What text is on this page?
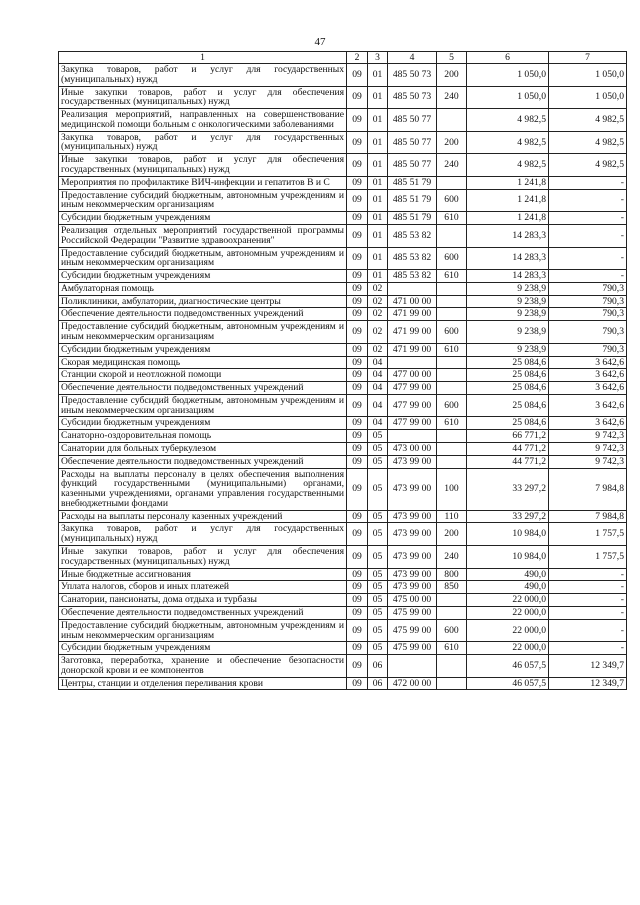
47
1	2	3	4	5	6	7
Закупка товаров, работ и услуг для государственных (муниципальных) нужд	09	01	485 50 73	200	1 050,0	1 050,0
Иные закупки товаров, работ и услуг для обеспечения государственных (муниципальных) нужд	09	01	485 50 73	240	1 050,0	1 050,0
Реализация мероприятий, направленных на совершенствование медицинской помощи больным с онкологическими заболеваниями	09	01	485 50 77		4 982,5	4 982,5
Закупка товаров, работ и услуг для государственных (муниципальных) нужд	09	01	485 50 77	200	4 982,5	4 982,5
Иные закупки товаров, работ и услуг для обеспечения государственных (муниципальных) нужд	09	01	485 50 77	240	4 982,5	4 982,5
Мероприятия по профилактике ВИЧ-инфекции и гепатитов В и С	09	01	485 51 79		1 241,8	-
Предоставление субсидий бюджетным, автономным учреждениям и иным некоммерческим организациям	09	01	485 51 79	600	1 241,8	-
Субсидии бюджетным учреждениям	09	01	485 51 79	610	1 241,8	-
Реализация отдельных мероприятий государственной программы Российской Федерации "Развитие здравоохранения"	09	01	485 53 82		14 283,3	-
Предоставление субсидий бюджетным, автономным учреждениям и иным некоммерческим организациям	09	01	485 53 82	600	14 283,3	-
Субсидии бюджетным учреждениям	09	01	485 53 82	610	14 283,3	-
Амбулаторная помощь	09	02			9 238,9	790,3
Поликлиники, амбулатории, диагностические центры	09	02	471 00 00		9 238,9	790,3
Обеспечение деятельности подведомственных учреждений	09	02	471 99 00		9 238,9	790,3
Предоставление субсидий бюджетным, автономным учреждениям и иным некоммерческим организациям	09	02	471 99 00	600	9 238,9	790,3
Субсидии бюджетным учреждениям	09	02	471 99 00	610	9 238,9	790,3
Скорая медицинская помощь	09	04			25 084,6	3 642,6
Станции скорой и неотложной помощи	09	04	477 00 00		25 084,6	3 642,6
Обеспечение деятельности подведомственных учреждений	09	04	477 99 00		25 084,6	3 642,6
Предоставление субсидий бюджетным, автономным учреждениям и иным некоммерческим организациям	09	04	477 99 00	600	25 084,6	3 642,6
Субсидии бюджетным учреждениям	09	04	477 99 00	610	25 084,6	3 642,6
Санаторно-оздоровительная помощь	09	05			66 771,2	9 742,3
Санатории для больных туберкулезом	09	05	473 00 00		44 771,2	9 742,3
Обеспечение деятельности подведомственных учреждений	09	05	473 99 00		44 771,2	9 742,3
Расходы на выплаты персоналу в целях обеспечения выполнения функций государственными (муниципальными) органами, казенными учреждениями, органами управления государственными внебюджетными фондами	09	05	473 99 00	100	33 297,2	7 984,8
Расходы на выплаты персоналу казенных учреждений	09	05	473 99 00	110	33 297,2	7 984,8
Закупка товаров, работ и услуг для государственных (муниципальных) нужд	09	05	473 99 00	200	10 984,0	1 757,5
Иные закупки товаров, работ и услуг для обеспечения государственных (муниципальных) нужд	09	05	473 99 00	240	10 984,0	1 757,5
Иные бюджетные ассигнования	09	05	473 99 00	800	490,0	-
Уплата налогов, сборов и иных платежей	09	05	473 99 00	850	490,0	-
Санатории, пансионаты, дома отдыха и турбазы	09	05	475 00 00		22 000,0	-
Обеспечение деятельности подведомственных учреждений	09	05	475 99 00		22 000,0	-
Предоставление субсидий бюджетным, автономным учреждениям и иным некоммерческим организациям	09	05	475 99 00	600	22 000,0	-
Субсидии бюджетным учреждениям	09	05	475 99 00	610	22 000,0	-
Заготовка, переработка, хранение и обеспечение безопасности донорской крови и ее компонентов	09	06			46 057,5	12 349,7
Центры, станции и отделения переливания крови	09	06	472 00 00		46 057,5	12 349,7
